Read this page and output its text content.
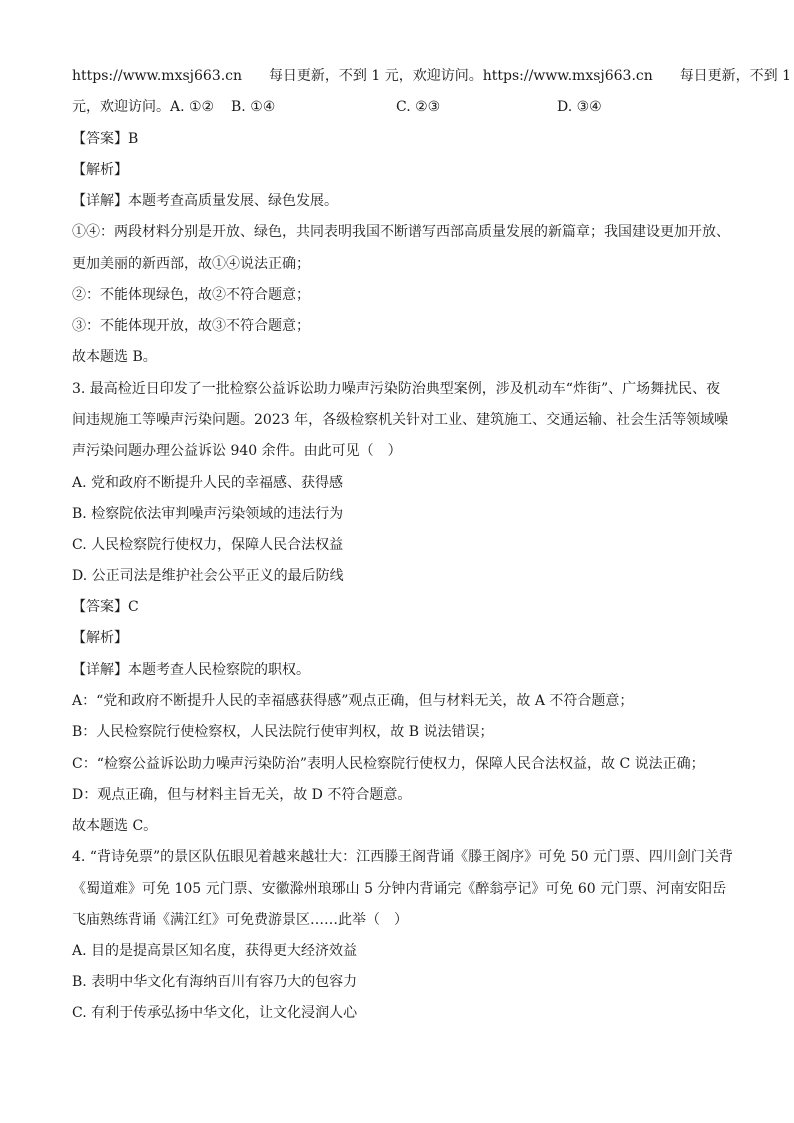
https://www.mxsj663.cn 每日更新，不到 1 元，欢迎访问。https://www.mxsj663.cn 每日更新，不到 1
元，欢迎访问。A. ①② B. ①④	C. ②③	D. ③④
【答案】B
【解析】
【详解】本题考查高质量发展、绿色发展。
①④：两段材料分别是开放、绿色，共同表明我国不断谱写西部高质量发展的新篇章；我国建设更加开放、
更加美丽的新西部，故①④说法正确；
②：不能体现绿色，故②不符合题意；
③：不能体现开放，故③不符合题意；
故本题选 B。
3. 最高检近日印发了一批检察公益诉讼助力噪声污染防治典型案例，涉及机动车“炸街”、广场舞扰民、夜
间违规施工等噪声污染问题。2023 年，各级检察机关针对工业、建筑施工、交通运输、社会生活等领域噪
声污染问题办理公益诉讼 940 余件。由此可见（　）
A. 党和政府不断提升人民的幸福感、获得感
B. 检察院依法审判噪声污染领域的违法行为
C. 人民检察院行使权力，保障人民合法权益
D. 公正司法是维护社会公平正义的最后防线
【答案】C
【解析】
【详解】本题考查人民检察院的职权。
A：“党和政府不断提升人民的幸福感获得感”观点正确，但与材料无关，故 A 不符合题意；
B：人民检察院行使检察权，人民法院行使审判权，故 B 说法错误；
C：“检察公益诉讼助力噪声污染防治”表明人民检察院行使权力，保障人民合法权益，故 C 说法正确；
D：观点正确，但与材料主旨无关，故 D 不符合题意。
故本题选 C。
4. “背诗免票”的景区队伍眼见着越来越壮大：江西滕王阁背诵《滕王阁序》可免 50 元门票、四川剑门关背
《蜀道难》可免 105 元门票、安徽滁州琅琊山 5 分钟内背诵完《醉翁亭记》可免 60 元门票、河南安阳岳
飞庙熟练背诵《满江红》可免费游景区……此举（　）
A. 目的是提高景区知名度，获得更大经济效益
B. 表明中华文化有海纳百川有容乃大的包容力
C. 有利于传承弘扬中华文化，让文化浸润人心
